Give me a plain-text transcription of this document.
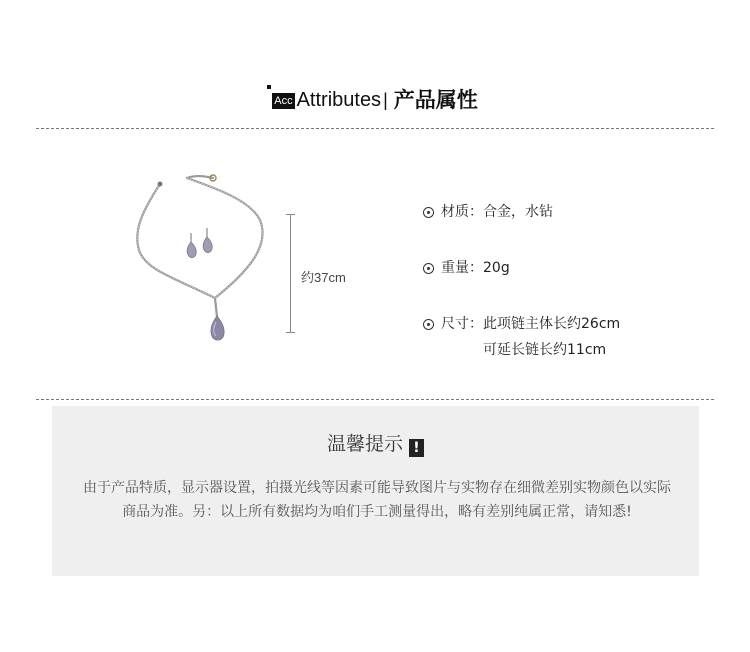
Acc Attributes | 产品属性
约37cm
材质： 合金，水钻
重量： 20g
尺寸： 此项链主体长约26cm
可延长链长约11cm
温馨提示 !
由于产品特质，显示器设置，拍摄光线等因素可能导致图片与实物存在细微差别实物颜色以实际商品为准。另：以上所有数据均为咱们手工测量得出，略有差别纯属正常，请知悉!
